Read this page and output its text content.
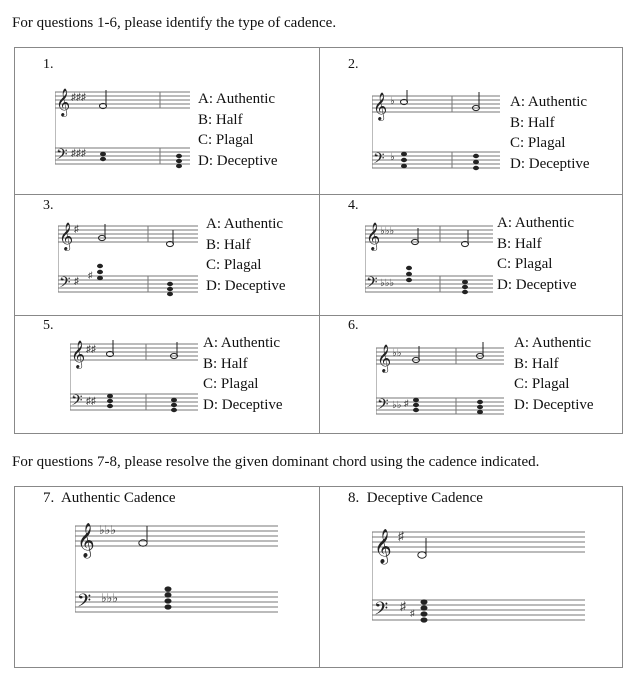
For questions 1-6, please identify the type of cadence.
1.
𝄞
𝄢
♯♯♯
♯♯♯
A: Authentic
B: Half
C: Plagal
D: Deceptive
2.
𝄞
𝄢
♭
♭
A: Authentic
B: Half
C: Plagal
D: Deceptive
3.
𝄞
𝄢
♯
♯
♯
A: Authentic
B: Half
C: Plagal
D: Deceptive
4.
𝄞
𝄢
♭♭♭
♭♭♭
A: Authentic
B: Half
C: Plagal
D: Deceptive
5.
𝄞
𝄢
♯♯
♯♯
A: Authentic
B: Half
C: Plagal
D: Deceptive
6.
𝄞
𝄢
♭♭
♭♭ ♯
A: Authentic
B: Half
C: Plagal
D: Deceptive
For questions 7-8, please resolve the given dominant chord using the cadence indicated.
7. Authentic Cadence
𝄞
𝄢
♭♭♭
♭♭♭
8. Deceptive Cadence
𝄞
𝄢
♯
♯ ♯
